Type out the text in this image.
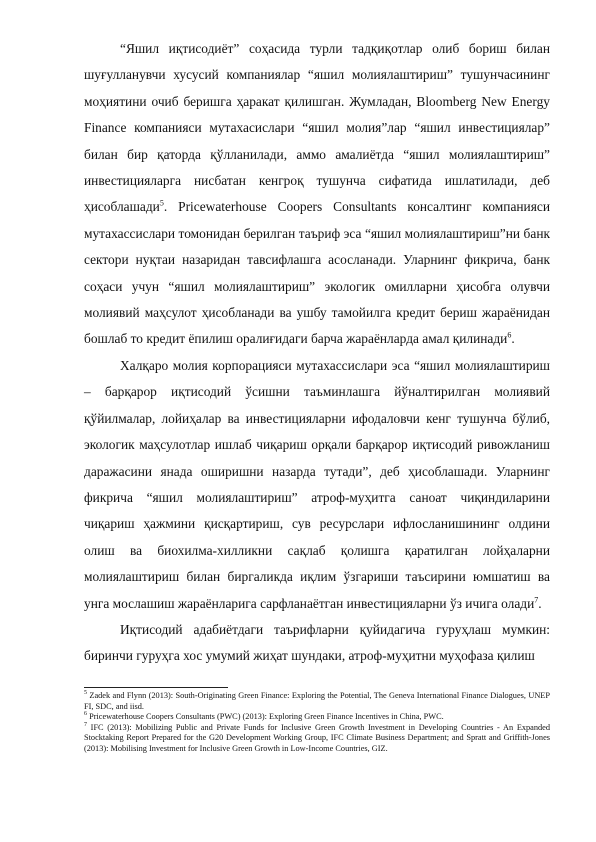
“Яшил иқтисодиёт” соҳасида турли тадқиқотлар олиб бориш билан шуғулланувчи хусусий компаниялар “яшил молиялаштириш” тушунчасининг моҳиятини очиб беришга ҳаракат қилишган. Жумладан, Bloomberg New Energy Finance компанияси мутахасислари “яшил молия”лар “яшил инвестициялар” билан бир қаторда қўлланилади, аммо амалиётда “яшил молиялаштириш” инвестицияларга нисбатан кенгроқ тушунча сифатида ишлатилади, деб ҳисоблашади$^5$. Pricewaterhouse Coopers Consultants консалтинг компанияси мутахассислари томонидан берилган таъриф эса “яшил молиялаштириш”ни банк сектори нуқтаи назаридан тавсифлашга асосланади. Уларнинг фикрича, банк соҳаси учун “яшил молиялаштириш” экологик омилларни ҳисобга олувчи молиявий маҳсулот ҳисобланади ва ушбу тамойилга кредит бериш жараёнидан бошлаб то кредит ёпилиш оралиғидаги барча жараёнларда амал қилинади$^6$.

Халқаро молия корпорацияси мутахассислари эса “яшил молиялаштириш – барқарор иқтисодий ўсишни таъминлашга йўналтирилган молиявий қўйилмалар, лойиҳалар ва инвестицияларни ифодаловчи кенг тушунча бўлиб, экологик маҳсулотлар ишлаб чиқариш орқали барқарор иқтисодий ривожланиш даражасини янада оширишни назарда тутади”, деб ҳисоблашади. Уларнинг фикрича “яшил молиялаштириш” атроф-муҳитга саноат чиқиндиларини чиқариш ҳажмини қисқартириш, сув ресурслари ифлосланишининг олдини олиш ва биохилма-хилликни сақлаб қолишга қаратилган лойҳаларни молиялаштириш билан биргаликда иқлим ўзгариши таъсирини юмшатиш ва унга мослашиш жараёнларига сарфланаётган инвестицияларни ўз ичига олади$^7$.

Иқтисодий адабиётдаги таърифларни қуйидагича гуруҳлаш мумкин: биринчи гуруҳга хос умумий жиҳат шундаки, атроф-муҳитни муҳофаза қилиш

$^5$ Zadek and Flynn (2013): South-Originating Green Finance: Exploring the Potential, The Geneva International Finance Dialogues, UNEP FI, SDC, and iisd.

$^6$ Pricewaterhouse Coopers Consultants (PWC) (2013): Exploring Green Finance Incentives in China, PWC.

$^7$ IFC (2013): Mobilizing Public and Private Funds for Inclusive Green Growth Investment in Developing Countries - An Expanded Stocktaking Report Prepared for the G20 Development Working Group, IFC Climate Business Department; and Spratt and Griffith-Jones (2013): Mobilising Investment for Inclusive Green Growth in Low-Income Countries, GIZ.
